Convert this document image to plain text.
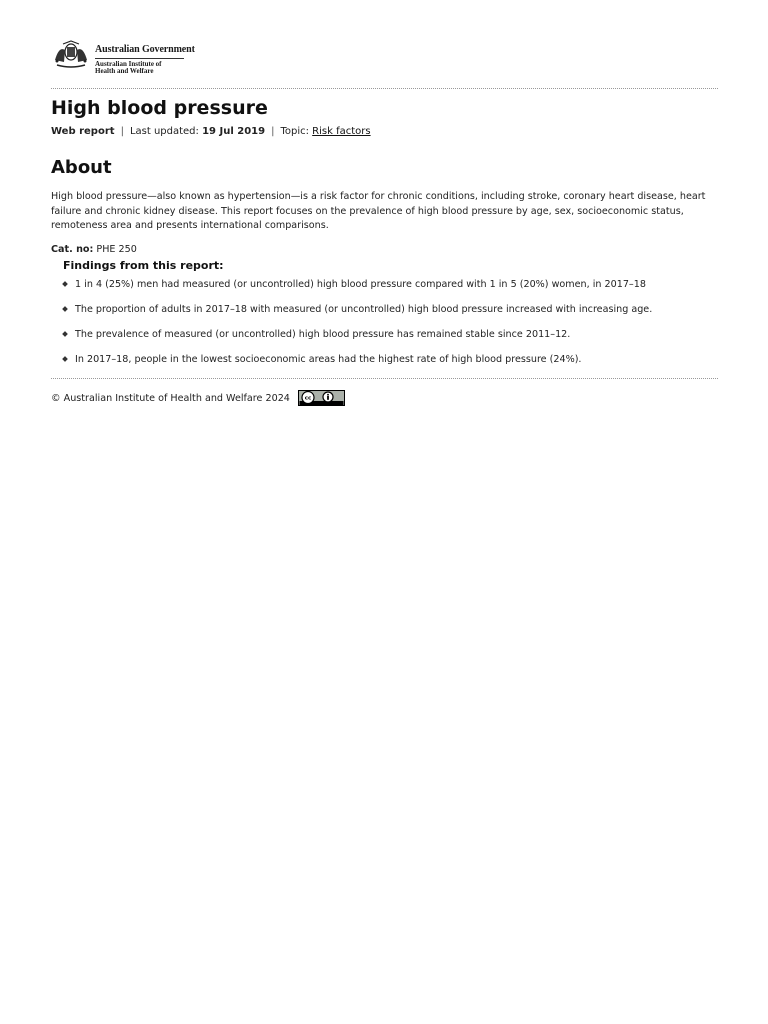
Australian Government
Australian Institute of
Health and Welfare
High blood pressure
Web report | Last updated: 19 Jul 2019 | Topic: Risk factors
About

High blood pressure—also known as hypertension—is a risk factor for chronic conditions, including stroke, coronary heart disease, heart failure and chronic kidney disease. This report focuses on the prevalence of high blood pressure by age, sex, socioeconomic status, remoteness area and presents international comparisons.

Cat. no: PHE 250
Findings from this report:
1 in 4 (25%) men had measured (or uncontrolled) high blood pressure compared with 1 in 5 (20%) women, in 2017–18
The proportion of adults in 2017–18 with measured (or uncontrolled) high blood pressure increased with increasing age.
The prevalence of measured (or uncontrolled) high blood pressure has remained stable since 2011–12.
In 2017–18, people in the lowest socioeconomic areas had the highest rate of high blood pressure (24%).
© Australian Institute of Health and Welfare 2024	cc
